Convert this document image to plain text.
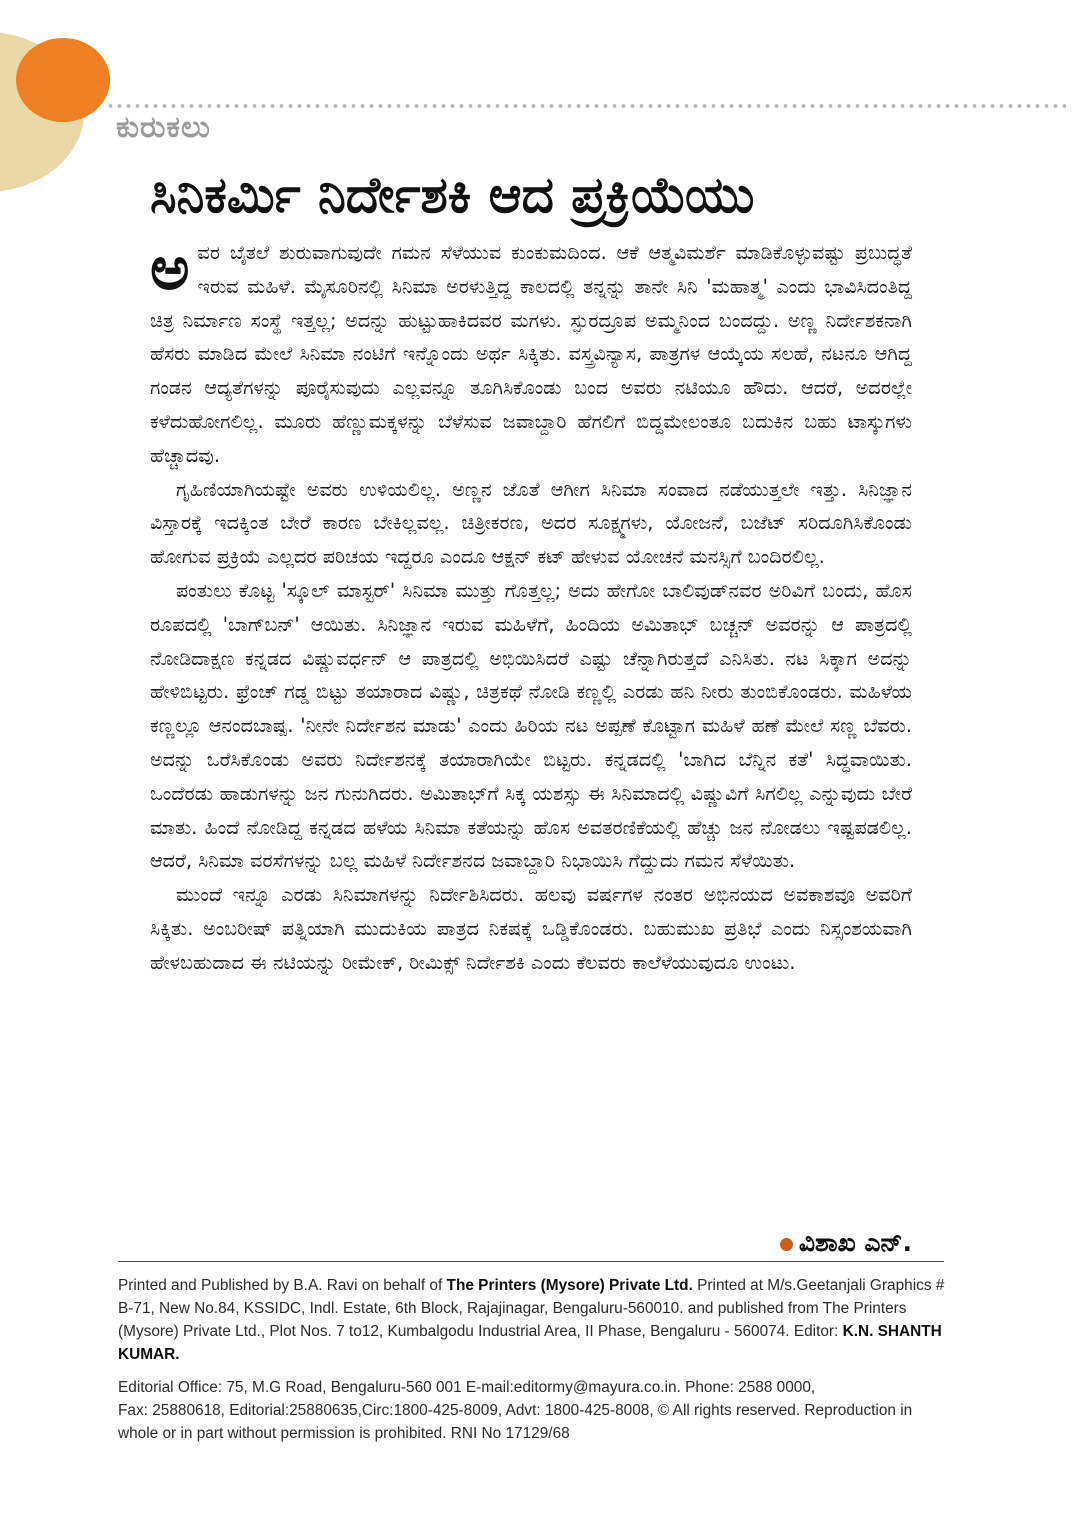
ಕುರುಕಲು
ಸಿನಿಕರ್ಮಿ ನಿರ್ದೇಶಕಿ ಆದ ಪ್ರಕ್ರಿಯೆಯು

ಅವರ ಬೈತಲೆ ಶುರುವಾಗುವುದೇ ಗಮನ ಸೆಳೆಯುವ ಕುಂಕುಮದಿಂದ. ಆಕೆ ಆತ್ಮವಿಮರ್ಶೆ ಮಾಡಿಕೊಳ್ಳುವಷ್ಟು ಪ್ರಬುದ್ಧತೆ ಇರುವ ಮಹಿಳೆ. ಮೈಸೂರಿನಲ್ಲಿ ಸಿನಿಮಾ ಅರಳುತ್ತಿದ್ದ ಕಾಲದಲ್ಲಿ ತನ್ನನ್ನು ತಾನೇ ಸಿನಿ 'ಮಹಾತ್ಮ' ಎಂದು ಭಾವಿಸಿದಂತಿದ್ದ ಚಿತ್ರ ನಿರ್ಮಾಣ ಸಂಸ್ಥೆ ಇತ್ತಲ್ಲ; ಅದನ್ನು ಹುಟ್ಟುಹಾಕಿದವರ ಮಗಳು. ಸ್ಫುರದ್ರೂಪ ಅಮ್ಮನಿಂದ ಬಂದದ್ದು. ಅಣ್ಣ ನಿರ್ದೇಶಕನಾಗಿ ಹೆಸರು ಮಾಡಿದ ಮೇಲೆ ಸಿನಿಮಾ ನಂಟಿಗೆ ಇನ್ನೊಂದು ಅರ್ಥ ಸಿಕ್ಕಿತು. ವಸ್ತ್ರವಿನ್ಯಾಸ, ಪಾತ್ರಗಳ ಆಯ್ಕೆಯ ಸಲಹೆ, ನಟನೂ ಆಗಿದ್ದ ಗಂಡನ ಆದ್ಯತೆಗಳನ್ನು ಪೂರೈಸುವುದು ಎಲ್ಲವನ್ನೂ ತೂಗಿಸಿಕೊಂಡು ಬಂದ ಅವರು ನಟಿಯೂ ಹೌದು. ಆದರೆ, ಅದರಲ್ಲೇ ಕಳೆದುಹೋಗಲಿಲ್ಲ. ಮೂರು ಹೆಣ್ಣುಮಕ್ಕಳನ್ನು ಬೆಳೆಸುವ ಜವಾಬ್ದಾರಿ ಹೆಗಲಿಗೆ ಬಿದ್ದಮೇಲಂತೂ ಬದುಕಿನ ಬಹು ಟಾಸ್ಕುಗಳು ಹೆಚ್ಚಾದವು.

ಗೃಹಿಣಿಯಾಗಿಯಷ್ಟೇ ಅವರು ಉಳಿಯಲಿಲ್ಲ. ಅಣ್ಣನ ಜೊತೆ ಆಗೀಗ ಸಿನಿಮಾ ಸಂವಾದ ನಡೆಯುತ್ತಲೇ ಇತ್ತು. ಸಿನಿಜ್ಞಾನ ವಿಸ್ತಾರಕ್ಕೆ ಇದಕ್ಕಿಂತ ಬೇರೆ ಕಾರಣ ಬೇಕಿಲ್ಲವಲ್ಲ. ಚಿತ್ರೀಕರಣ, ಅದರ ಸೂಕ್ಷ್ಮಗಳು, ಯೋಜನೆ, ಬಜೆಟ್ ಸರಿದೂಗಿಸಿಕೊಂಡು ಹೋಗುವ ಪ್ರಕ್ರಿಯೆ ಎಲ್ಲದರ ಪರಿಚಯ ಇದ್ದರೂ ಎಂದೂ ಆಕ್ಷನ್ ಕಟ್ ಹೇಳುವ ಯೋಚನೆ ಮನಸ್ಸಿಗೆ ಬಂದಿರಲಿಲ್ಲ.

ಪಂತುಲು ಕೊಟ್ಟ 'ಸ್ಕೂಲ್ ಮಾಸ್ಟರ್' ಸಿನಿಮಾ ಮುತ್ತು ಗೊತ್ತಲ್ಲ; ಅದು ಹೇಗೋ ಬಾಲಿವುಡ್‌ನವರ ಅರಿವಿಗೆ ಬಂದು, ಹೊಸ ರೂಪದಲ್ಲಿ 'ಬಾಗ್‌ಬನ್' ಆಯಿತು. ಸಿನಿಜ್ಞಾನ ಇರುವ ಮಹಿಳೆಗೆ, ಹಿಂದಿಯ ಅಮಿತಾಭ್ ಬಚ್ಚನ್ ಅವರನ್ನು ಆ ಪಾತ್ರದಲ್ಲಿ ನೋಡಿದಾಕ್ಷಣ ಕನ್ನಡದ ವಿಷ್ಣುವರ್ಧನ್ ಆ ಪಾತ್ರದಲ್ಲಿ ಅಭಿಯಿಸಿದರೆ ಎಷ್ಟು ಚೆನ್ನಾಗಿರುತ್ತದೆ ಎನಿಸಿತು. ನಟ ಸಿಕ್ಕಾಗ ಅದನ್ನು ಹೇಳಿಬಿಟ್ಟರು. ಫ್ರೆಂಚ್ ಗಡ್ಡ ಬಿಟ್ಟು ತಯಾರಾದ ವಿಷ್ಣು, ಚಿತ್ರಕಥೆ ನೋಡಿ ಕಣ್ಣಲ್ಲಿ ಎರಡು ಹನಿ ನೀರು ತುಂಬಿಕೊಂಡರು. ಮಹಿಳೆಯ ಕಣ್ಣಲ್ಲೂ ಆನಂದಬಾಷ್ಪ. 'ನೀನೇ ನಿರ್ದೇಶನ ಮಾಡು' ಎಂದು ಹಿರಿಯ ನಟ ಅಪ್ಪಣೆ ಕೊಟ್ಟಾಗ ಮಹಿಳೆ ಹಣೆ ಮೇಲೆ ಸಣ್ಣ ಬೆವರು. ಅದನ್ನು ಒರೆಸಿಕೊಂಡು ಅವರು ನಿರ್ದೇಶನಕ್ಕೆ ತಯಾರಾಗಿಯೇ ಬಿಟ್ಟರು. ಕನ್ನಡದಲ್ಲಿ 'ಬಾಗಿದ ಬೆನ್ನಿನ ಕತೆ' ಸಿದ್ಧವಾಯಿತು. ಒಂದೆರಡು ಹಾಡುಗಳನ್ನು ಜನ ಗುನುಗಿದರು. ಅಮಿತಾಭ್‌ಗೆ ಸಿಕ್ಕ ಯಶಸ್ಸು ಈ ಸಿನಿಮಾದಲ್ಲಿ ವಿಷ್ಣುವಿಗೆ ಸಿಗಲಿಲ್ಲ ಎನ್ನುವುದು ಬೇರೆ ಮಾತು. ಹಿಂದೆ ನೋಡಿದ್ದ ಕನ್ನಡದ ಹಳೆಯ ಸಿನಿಮಾ ಕತೆಯನ್ನು ಹೊಸ ಅವತರಣಿಕೆಯಲ್ಲಿ ಹೆಚ್ಚು ಜನ ನೋಡಲು ಇಷ್ಟಪಡಲಿಲ್ಲ. ಆದರೆ, ಸಿನಿಮಾ ವರಸೆಗಳನ್ನು ಬಲ್ಲ ಮಹಿಳೆ ನಿರ್ದೇಶನದ ಜವಾಬ್ದಾರಿ ನಿಭಾಯಿಸಿ ಗೆದ್ದುದು ಗಮನ ಸೆಳೆಯಿತು.

ಮುಂದೆ ಇನ್ನೂ ಎರಡು ಸಿನಿಮಾಗಳನ್ನು ನಿರ್ದೇಶಿಸಿದರು. ಹಲವು ವರ್ಷಗಳ ನಂತರ ಅಭಿನಯದ ಅವಕಾಶವೂ ಅವರಿಗೆ ಸಿಕ್ಕಿತು. ಅಂಬರೀಷ್ ಪತ್ನಿಯಾಗಿ ಮುದುಕಿಯ ಪಾತ್ರದ ನಿಕಷಕ್ಕೆ ಒಡ್ಡಿಕೊಂಡರು. ಬಹುಮುಖ ಪ್ರತಿಭೆ ಎಂದು ನಿಸ್ಸಂಶಯವಾಗಿ ಹೇಳಬಹುದಾದ ಈ ನಟಿಯನ್ನು ರೀಮೇಕ್, ರೀಮಿಕ್ಸ್ ನಿರ್ದೇಶಕಿ ಎಂದು ಕೆಲವರು ಕಾಲೆಳೆಯುವುದೂ ಉಂಟು.

ವಿಶಾಖ ಎನ್.

Printed and Published by B.A. Ravi on behalf of The Printers (Mysore) Private Ltd. Printed at M/s.Geetanjali Graphics # B-71, New No.84, KSSIDC, Indl. Estate, 6th Block, Rajajinagar, Bengaluru-560010. and published from The Printers (Mysore) Private Ltd., Plot Nos. 7 to12, Kumbalgodu Industrial Area, II Phase, Bengaluru - 560074. Editor: K.N. SHANTH KUMAR.

Editorial Office: 75, M.G Road, Bengaluru-560 001 E-mail:editormy@mayura.co.in. Phone: 2588 0000,

Fax: 25880618, Editorial:25880635,Circ:1800-425-8009, Advt: 1800-425-8008, © All rights reserved. Reproduction in whole or in part without permission is prohibited. RNI No 17129/68
